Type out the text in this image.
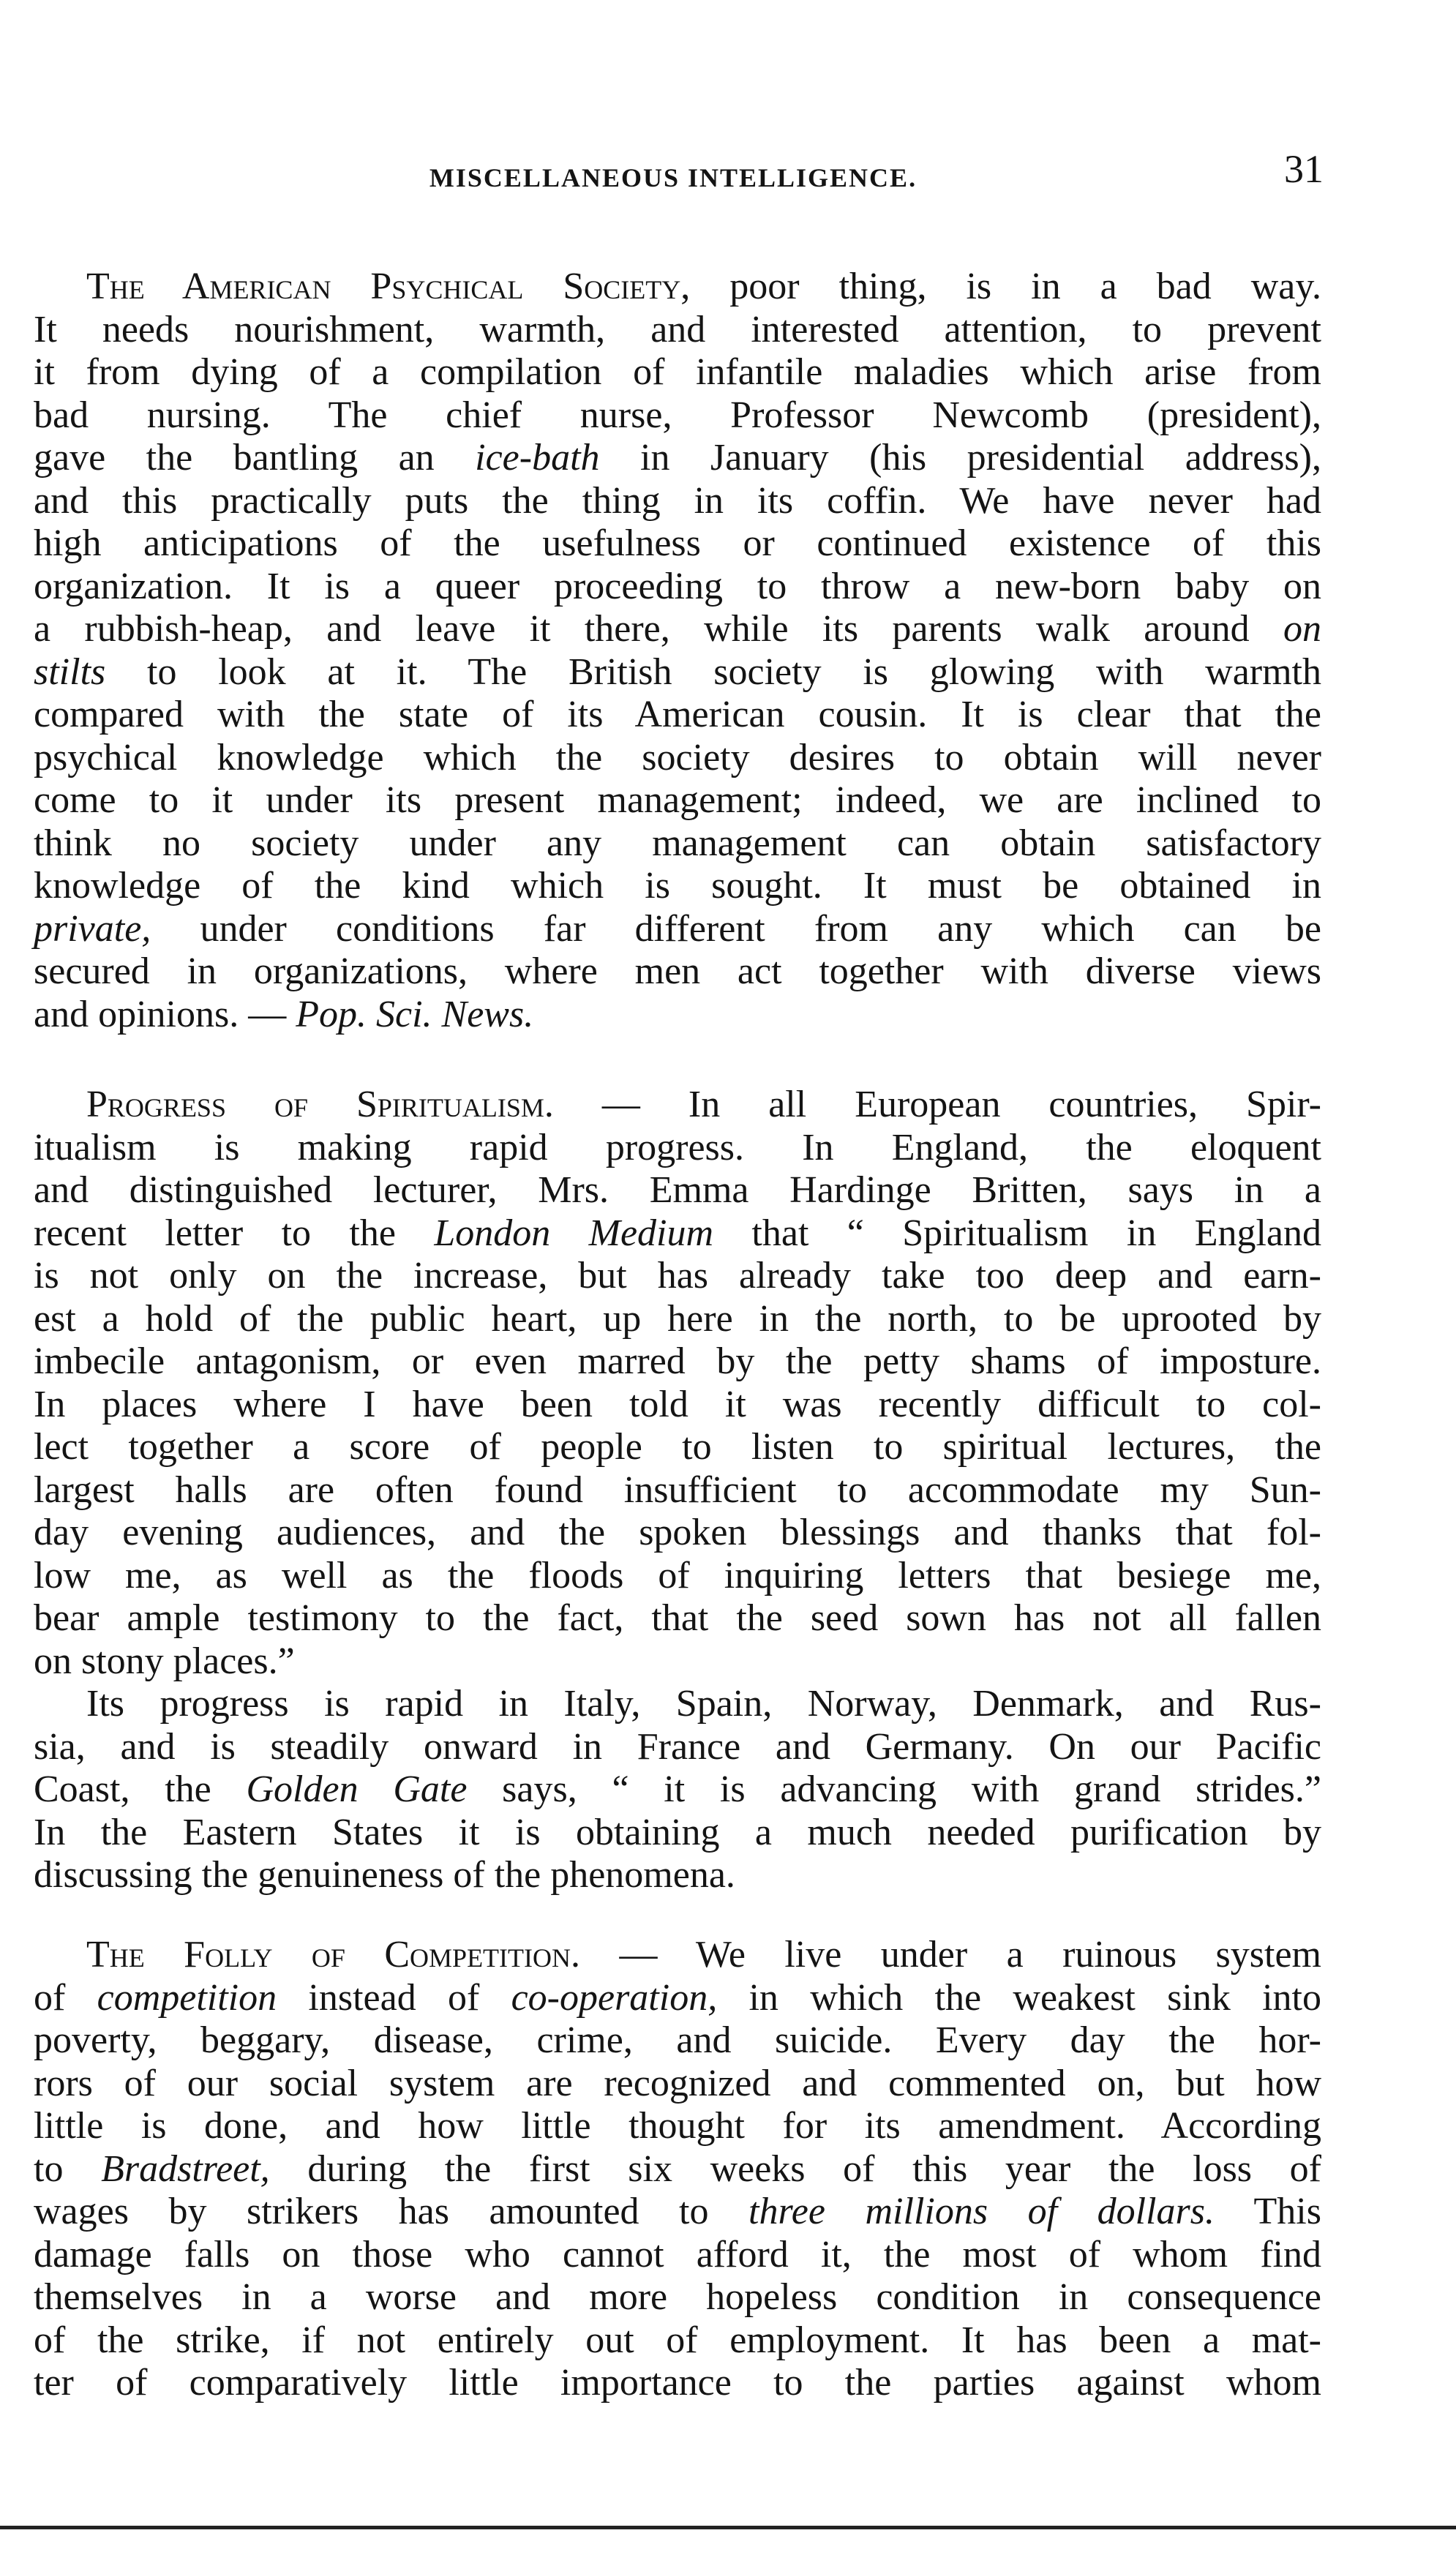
MISCELLANEOUS INTELLIGENCE.	31
The American Psychical Society, poor thing, is in a bad way.
It needs nourishment, warmth, and interested attention, to prevent
it from dying of a compilation of infantile maladies which arise from
bad nursing. The chief nurse, Professor Newcomb (president),
gave the bantling an ice-bath in January (his presidential address),
and this practically puts the thing in its coffin. We have never had
high anticipations of the usefulness or continued existence of this
organization. It is a queer proceeding to throw a new-born baby on
a rubbish-heap, and leave it there, while its parents walk around on
stilts to look at it. The British society is glowing with warmth
compared with the state of its American cousin. It is clear that the
psychical knowledge which the society desires to obtain will never
come to it under its present management; indeed, we are inclined to
think no society under any management can obtain satisfactory
knowledge of the kind which is sought. It must be obtained in
private, under conditions far different from any which can be
secured in organizations, where men act together with diverse views
and opinions. — Pop. Sci. News.
Progress of Spiritualism. — In all European countries, Spir-
itualism is making rapid progress. In England, the eloquent
and distinguished lecturer, Mrs. Emma Hardinge Britten, says in a
recent letter to the London Medium that “ Spiritualism in England
is not only on the increase, but has already take too deep and earn-
est a hold of the public heart, up here in the north, to be uprooted by
imbecile antagonism, or even marred by the petty shams of imposture.
In places where I have been told it was recently difficult to col-
lect together a score of people to listen to spiritual lectures, the
largest halls are often found insufficient to accommodate my Sun-
day evening audiences, and the spoken blessings and thanks that fol-
low me, as well as the floods of inquiring letters that besiege me,
bear ample testimony to the fact, that the seed sown has not all fallen
on stony places.”
Its progress is rapid in Italy, Spain, Norway, Denmark, and Rus-
sia, and is steadily onward in France and Germany. On our Pacific
Coast, the Golden Gate says, “ it is advancing with grand strides.”
In the Eastern States it is obtaining a much needed purification by
discussing the genuineness of the phenomena.
The Folly of Competition. — We live under a ruinous system
of competition instead of co-operation, in which the weakest sink into
poverty, beggary, disease, crime, and suicide. Every day the hor-
rors of our social system are recognized and commented on, but how
little is done, and how little thought for its amendment. According
to Bradstreet, during the first six weeks of this year the loss of
wages by strikers has amounted to three millions of dollars. This
damage falls on those who cannot afford it, the most of whom find
themselves in a worse and more hopeless condition in consequence
of the strike, if not entirely out of employment. It has been a mat-
ter of comparatively little importance to the parties against whom
